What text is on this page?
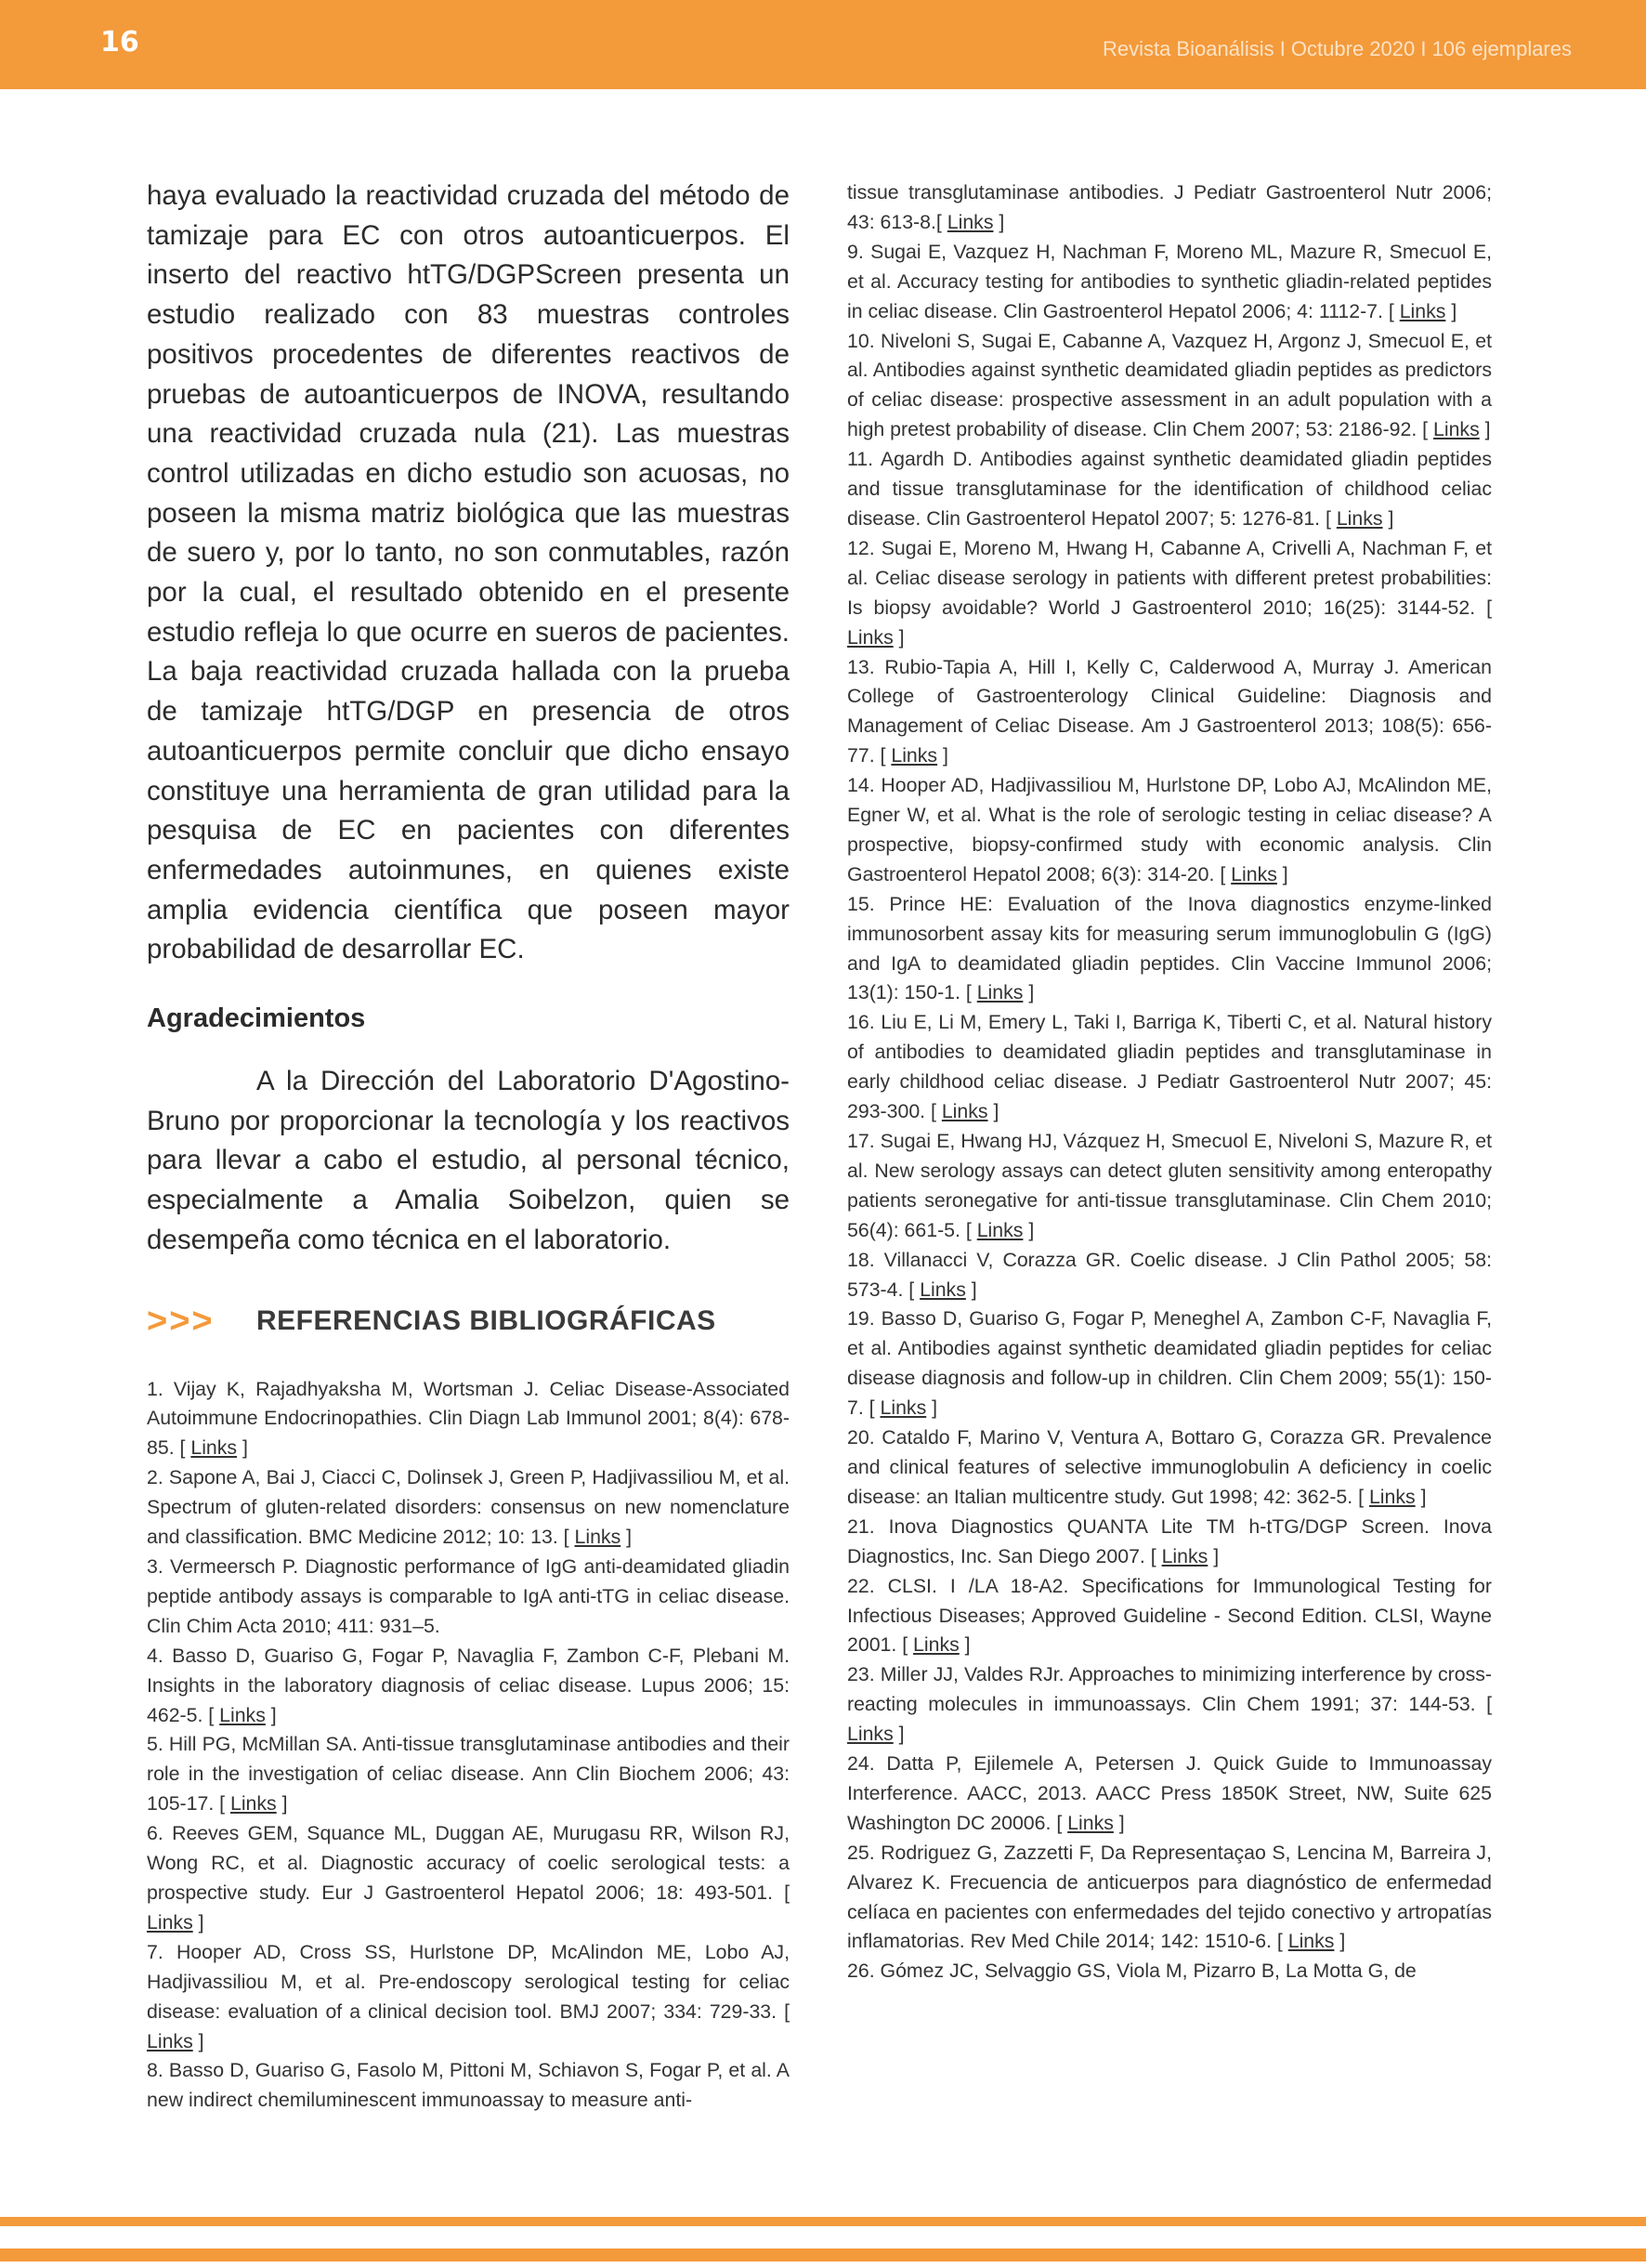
16	Revista Bioanálisis I Octubre 2020 I 106 ejemplares

haya evaluado la reactividad cruzada del método de tamizaje para EC con otros autoanticuerpos. El inserto del reactivo htTG/DGPScreen presenta un estudio realizado con 83 muestras controles positivos procedentes de diferentes reactivos de pruebas de autoanticuerpos de INOVA, resultando una reactividad cruzada nula (21). Las muestras control utilizadas en dicho estudio son acuosas, no poseen la misma matriz biológica que las muestras de suero y, por lo tanto, no son conmutables, razón por la cual, el resultado obtenido en el presente estudio refleja lo que ocurre en sueros de pacientes. La baja reactividad cruzada hallada con la prueba de tamizaje htTG/DGP en presencia de otros autoanticuerpos permite concluir que dicho ensayo constituye una herramienta de gran utilidad para la pesquisa de EC en pacientes con diferentes enfermedades autoinmunes, en quienes existe amplia evidencia científica que poseen mayor probabilidad de desarrollar EC.

Agradecimientos

A la Dirección del Laboratorio D'Agostino-Bruno por proporcionar la tecnología y los reactivos para llevar a cabo el estudio, al personal técnico, especialmente a Amalia Soibelzon, quien se desempeña como técnica en el laboratorio.

>>>	REFERENCIAS BIBLIOGRÁFICAS

1. Vijay K, Rajadhyaksha M, Wortsman J. Celiac Disease-Associated Autoimmune Endocrinopathies. Clin Diagn Lab Immunol 2001; 8(4): 678-85. [ Links ]

2. Sapone A, Bai J, Ciacci C, Dolinsek J, Green P, Hadjivassiliou M, et al. Spectrum of gluten-related disorders: consensus on new nomenclature and classification. BMC Medicine 2012; 10: 13. [ Links ]

3. Vermeersch P. Diagnostic performance of IgG anti-deamidated gliadin peptide antibody assays is comparable to IgA anti-tTG in celiac disease. Clin Chim Acta 2010; 411: 931–5.

4. Basso D, Guariso G, Fogar P, Navaglia F, Zambon C-F, Plebani M. Insights in the laboratory diagnosis of celiac disease. Lupus 2006; 15: 462-5. [ Links ]

5. Hill PG, McMillan SA. Anti-tissue transglutaminase antibodies and their role in the investigation of celiac disease. Ann Clin Biochem 2006; 43: 105-17. [ Links ]

6. Reeves GEM, Squance ML, Duggan AE, Murugasu RR, Wilson RJ, Wong RC, et al. Diagnostic accuracy of coelic serological tests: a prospective study. Eur J Gastroenterol Hepatol 2006; 18: 493-501. [ Links ]

7. Hooper AD, Cross SS, Hurlstone DP, McAlindon ME, Lobo AJ, Hadjivassiliou M, et al. Pre-endoscopy serological testing for celiac disease: evaluation of a clinical decision tool. BMJ 2007; 334: 729-33. [ Links ]

8. Basso D, Guariso G, Fasolo M, Pittoni M, Schiavon S, Fogar P, et al. A new indirect chemiluminescent immunoassay to measure anti-

tissue transglutaminase antibodies. J Pediatr Gastroenterol Nutr 2006; 43: 613-8.[ Links ]

9. Sugai E, Vazquez H, Nachman F, Moreno ML, Mazure R, Smecuol E, et al. Accuracy testing for antibodies to synthetic gliadin-related peptides in celiac disease. Clin Gastroenterol Hepatol 2006; 4: 1112-7. [ Links ]

10. Niveloni S, Sugai E, Cabanne A, Vazquez H, Argonz J, Smecuol E, et al. Antibodies against synthetic deamidated gliadin peptides as predictors of celiac disease: prospective assessment in an adult population with a high pretest probability of disease. Clin Chem 2007; 53: 2186-92. [ Links ]

11. Agardh D. Antibodies against synthetic deamidated gliadin peptides and tissue transglutaminase for the identification of childhood celiac disease. Clin Gastroenterol Hepatol 2007; 5: 1276-81. [ Links ]

12. Sugai E, Moreno M, Hwang H, Cabanne A, Crivelli A, Nachman F, et al. Celiac disease serology in patients with different pretest probabilities: Is biopsy avoidable? World J Gastroenterol 2010; 16(25): 3144-52. [ Links ]

13. Rubio-Tapia A, Hill I, Kelly C, Calderwood A, Murray J. American College of Gastroenterology Clinical Guideline: Diagnosis and Management of Celiac Disease. Am J Gastroenterol 2013; 108(5): 656-77. [ Links ]

14. Hooper AD, Hadjivassiliou M, Hurlstone DP, Lobo AJ, McAlindon ME, Egner W, et al. What is the role of serologic testing in celiac disease? A prospective, biopsy-confirmed study with economic analysis. Clin Gastroenterol Hepatol 2008; 6(3): 314-20. [ Links ]

15. Prince HE: Evaluation of the Inova diagnostics enzyme-linked immunosorbent assay kits for measuring serum immunoglobulin G (IgG) and IgA to deamidated gliadin peptides. Clin Vaccine Immunol 2006; 13(1): 150-1. [ Links ]

16. Liu E, Li M, Emery L, Taki I, Barriga K, Tiberti C, et al. Natural history of antibodies to deamidated gliadin peptides and transglutaminase in early childhood celiac disease. J Pediatr Gastroenterol Nutr 2007; 45: 293-300. [ Links ]

17. Sugai E, Hwang HJ, Vázquez H, Smecuol E, Niveloni S, Mazure R, et al. New serology assays can detect gluten sensitivity among enteropathy patients seronegative for anti-tissue transglutaminase. Clin Chem 2010; 56(4): 661-5. [ Links ]

18. Villanacci V, Corazza GR. Coelic disease. J Clin Pathol 2005; 58: 573-4. [ Links ]

19. Basso D, Guariso G, Fogar P, Meneghel A, Zambon C-F, Navaglia F, et al. Antibodies against synthetic deamidated gliadin peptides for celiac disease diagnosis and follow-up in children. Clin Chem 2009; 55(1): 150-7. [ Links ]

20. Cataldo F, Marino V, Ventura A, Bottaro G, Corazza GR. Prevalence and clinical features of selective immunoglobulin A deficiency in coelic disease: an Italian multicentre study. Gut 1998; 42: 362-5. [ Links ]

21. Inova Diagnostics QUANTA Lite TM h-tTG/DGP Screen. Inova Diagnostics, Inc. San Diego 2007. [ Links ]

22. CLSI. I /LA 18-A2. Specifications for Immunological Testing for Infectious Diseases; Approved Guideline - Second Edition. CLSI, Wayne 2001. [ Links ]

23. Miller JJ, Valdes RJr. Approaches to minimizing interference by cross-reacting molecules in immunoassays. Clin Chem 1991; 37: 144-53. [ Links ]

24. Datta P, Ejilemele A, Petersen J. Quick Guide to Immunoassay Interference. AACC, 2013. AACC Press 1850K Street, NW, Suite 625 Washington DC 20006. [ Links ]

25. Rodriguez G, Zazzetti F, Da Representaçao S, Lencina M, Barreira J, Alvarez K. Frecuencia de anticuerpos para diagnóstico de enfermedad celíaca en pacientes con enfermedades del tejido conectivo y artropatías inflamatorias. Rev Med Chile 2014; 142: 1510-6. [ Links ]

26. Gómez JC, Selvaggio GS, Viola M, Pizarro B, La Motta G, de
